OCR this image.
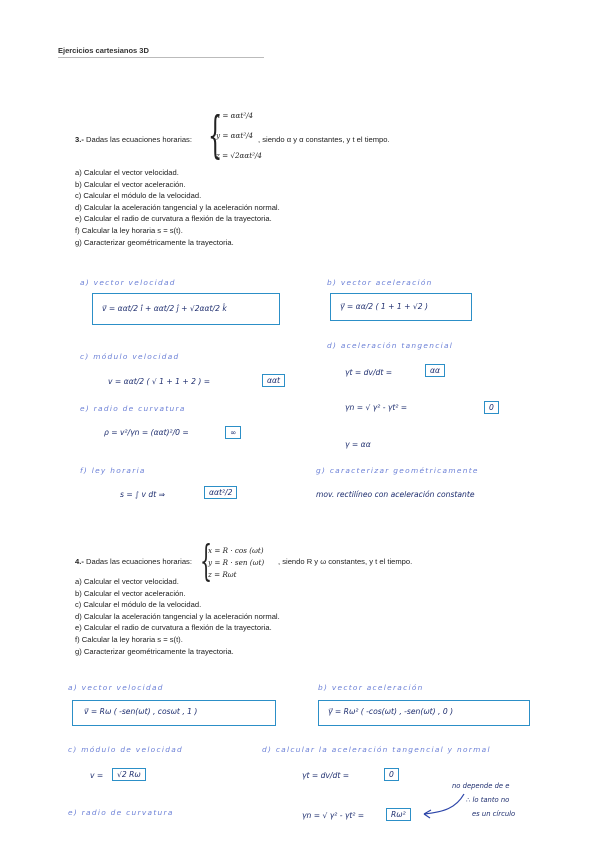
Ejercicios cartesianos 3D
3.- Dadas las ecuaciones horarias: {
x = ααt²/4
y = ααt²/4
z = √2ααt²/4
, siendo α y α constantes, y t el tiempo.
a) Calcular el vector velocidad.
b) Calcular el vector aceleración.
c) Calcular el módulo de la velocidad.
d) Calcular la aceleración tangencial y la aceleración normal.
e) Calcular el radio de curvatura a flexión de la trayectoria.
f) Calcular la ley horaria s = s(t).
g) Caracterizar geométricamente la trayectoria.
a) vector velocidad
v⃗ = ααt/2 î + ααt/2 ĵ + √2ααt/2 k̂
b) vector aceleración
γ⃗ = αα/2 ( 1 + 1 + √2 )
c) módulo velocidad
v = ααt/2 ( √ 1 + 1 + 2 ) =	ααt
d) aceleración tangencial
γt = dv/dt =	αα
γn = √ γ² - γt² =	0
γ = αα
e) radio de curvatura
ρ = v²/γn = (ααt)²/0 =	∞
f) ley horaria
s = ∫ v dt ⇒	ααt²/2
g) caracterizar geométricamente
mov. rectilíneo con aceleración constante
4.- Dadas las ecuaciones horarias: {
x = R · cos (ωt)
y = R · sen (ωt)
z = Rωt
, siendo R y ω constantes, y t el tiempo.
a) Calcular el vector velocidad.
b) Calcular el vector aceleración.
c) Calcular el módulo de la velocidad.
d) Calcular la aceleración tangencial y la aceleración normal.
e) Calcular el radio de curvatura a flexión de la trayectoria.
f) Calcular la ley horaria s = s(t).
g) Caracterizar geométricamente la trayectoria.
a) vector velocidad
v⃗ = Rω ( -sen(ωt) , cosωt , 1 )
b) vector aceleración
γ⃗ = Rω² ( -cos(ωt) , -sen(ωt) , 0 )
c) módulo de velocidad
v =	√2 Rω
d) calcular la aceleración tangencial y normal
γt = dv/dt =	0
γn = √ γ² - γt² =	Rω²
no depende de e
∴ lo tanto no
es un círculo
e) radio de curvatura
